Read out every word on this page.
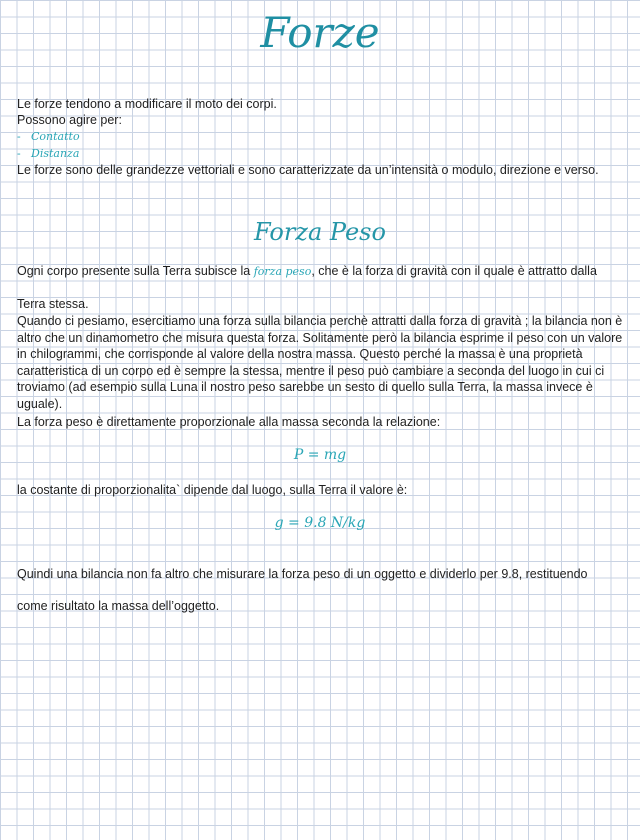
Forze
Le forze tendono a modificare il moto dei corpi.
Possono agire per:
- Contatto
- Distanza
Le forze sono delle grandezze vettoriali e sono caratterizzate da un’intensità o modulo, direzione e verso.
Forza Peso
Ogni corpo presente sulla Terra subisce la forza peso, che è la forza di gravità con il quale è attratto dalla
Terra stessa.
Quando ci pesiamo, esercitiamo una forza sulla bilancia perchè attratti dalla forza di gravità ; la bilancia non è altro che un dinamometro che misura questa forza. Solitamente però la bilancia esprime il peso con un valore in chilogrammi, che corrisponde al valore della nostra massa. Questo perché la massa è una proprietà caratteristica di un corpo ed è sempre la stessa, mentre il peso può cambiare a seconda del luogo in cui ci troviamo (ad esempio sulla Luna il nostro peso sarebbe un sesto di quello sulla Terra, la massa invece è uguale).
La forza peso è direttamente proporzionale alla massa seconda la relazione:
P = mg
la costante di proporzionalita` dipende dal luogo, sulla Terra il valore è:
g = 9.8 N/kg
Quindi una bilancia non fa altro che misurare la forza peso di un oggetto e dividerlo per 9.8, restituendo
come risultato la massa dell’oggetto.
